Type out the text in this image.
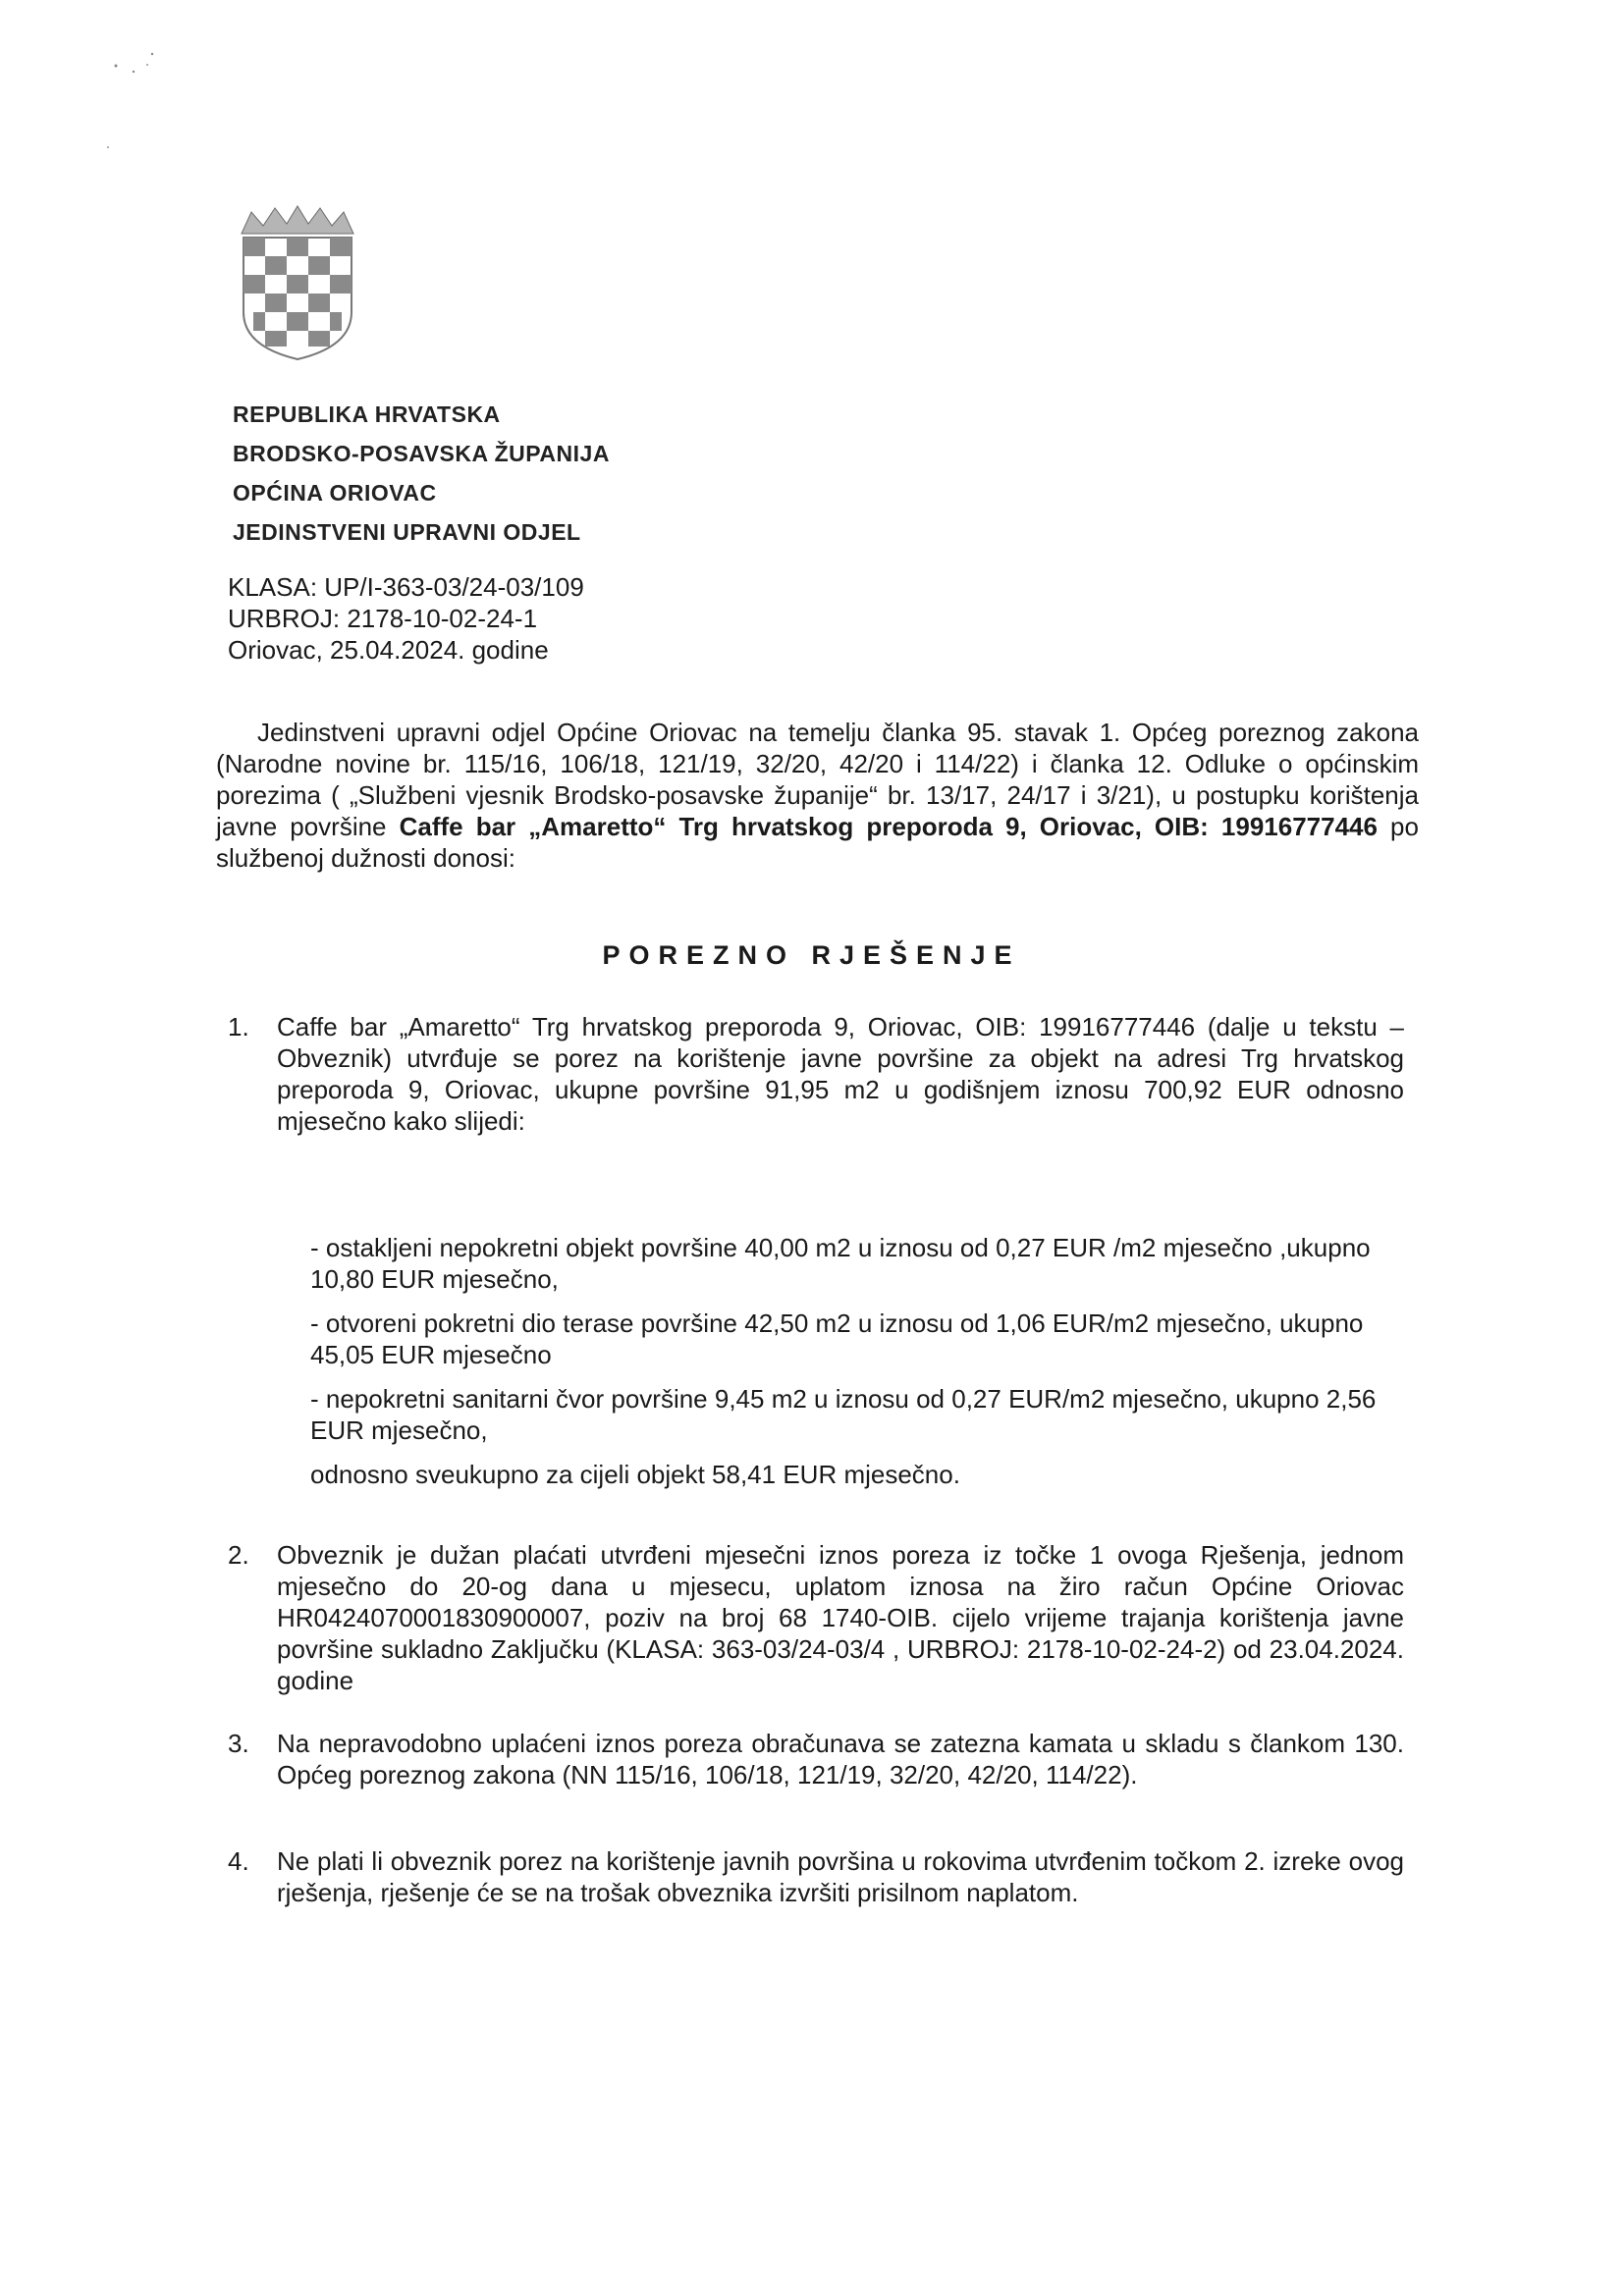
REPUBLIKA HRVATSKA
BRODSKO-POSAVSKA ŽUPANIJA
OPĆINA ORIOVAC
JEDINSTVENI UPRAVNI ODJEL
KLASA: UP/I-363-03/24-03/109
URBROJ: 2178-10-02-24-1
Oriovac, 25.04.2024. godine
Jedinstveni upravni odjel Općine Oriovac na temelju članka 95. stavak 1. Općeg poreznog zakona (Narodne novine br. 115/16, 106/18, 121/19, 32/20, 42/20 i 114/22) i članka 12. Odluke o općinskim porezima ( „Službeni vjesnik Brodsko-posavske županije“ br. 13/17, 24/17 i 3/21), u postupku korištenja javne površine Caffe bar „Amaretto“ Trg hrvatskog preporoda 9, Oriovac, OIB: 19916777446 po službenoj dužnosti donosi:
POREZNO RJEŠENJE
1. Caffe bar „Amaretto“ Trg hrvatskog preporoda 9, Oriovac, OIB: 19916777446 (dalje u tekstu – Obveznik) utvrđuje se porez na korištenje javne površine za objekt na adresi Trg hrvatskog preporoda 9, Oriovac, ukupne površine 91,95 m2 u godišnjem iznosu 700,92 EUR odnosno mjesečno kako slijedi:
- ostakljeni nepokretni objekt površine 40,00 m2 u iznosu od 0,27 EUR /m2 mjesečno ,ukupno 10,80 EUR mjesečno,
- otvoreni pokretni dio terase površine 42,50 m2 u iznosu od 1,06 EUR/m2 mjesečno, ukupno 45,05 EUR mjesečno
- nepokretni sanitarni čvor površine 9,45 m2 u iznosu od 0,27 EUR/m2 mjesečno, ukupno 2,56 EUR mjesečno,
odnosno sveukupno za cijeli objekt 58,41 EUR mjesečno.
2. Obveznik je dužan plaćati utvrđeni mjesečni iznos poreza iz točke 1 ovoga Rješenja, jednom mjesečno do 20-og dana u mjesecu, uplatom iznosa na žiro račun Općine Oriovac HR0424070001830900007, poziv na broj 68 1740-OIB. cijelo vrijeme trajanja korištenja javne površine sukladno Zaključku (KLASA: 363-03/24-03/4 , URBROJ: 2178-10-02-24-2) od 23.04.2024. godine
3. Na nepravodobno uplaćeni iznos poreza obračunava se zatezna kamata u skladu s člankom 130. Općeg poreznog zakona (NN 115/16, 106/18, 121/19, 32/20, 42/20, 114/22).
4. Ne plati li obveznik porez na korištenje javnih površina u rokovima utvrđenim točkom 2. izreke ovog rješenja, rješenje će se na trošak obveznika izvršiti prisilnom naplatom.
